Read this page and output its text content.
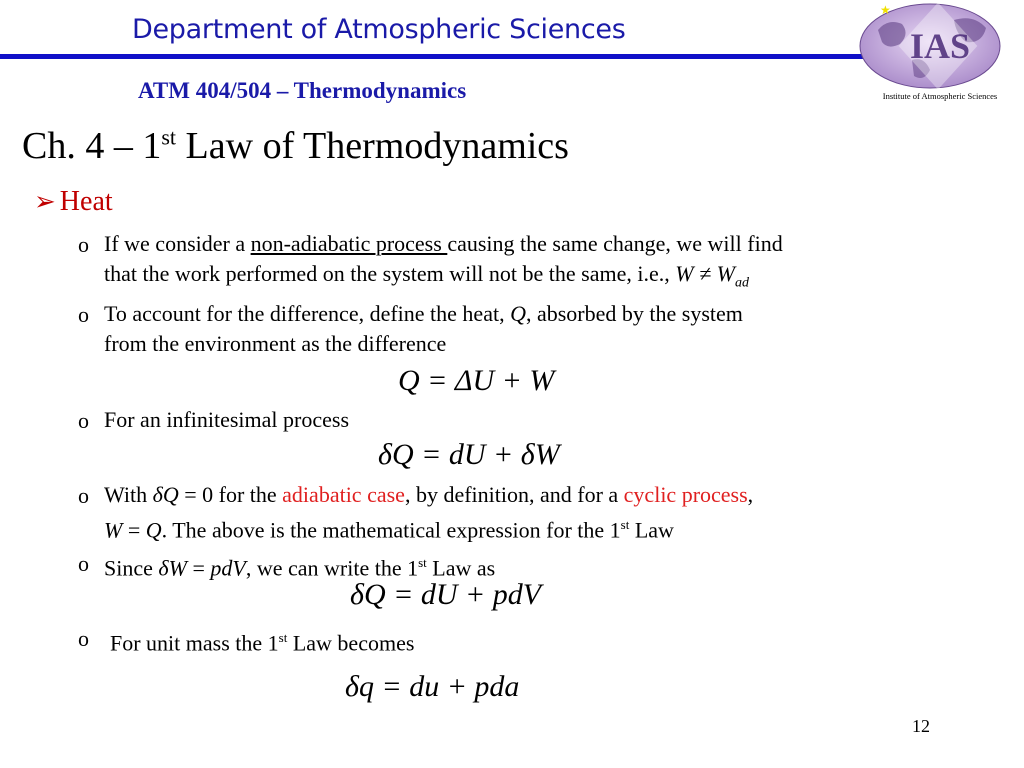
Department of Atmospheric Sciences	IAS
★
Institute of Atmospheric Sciences
ATM 404/504 – Thermodynamics
Ch. 4 – 1st Law of Thermodynamics
➢ Heat
o If we consider a non-adiabatic process causing the same change, we will find
that the work performed on the system will not be the same, i.e., $W \ne W_{ad}$
o To account for the difference, define the heat, Q, absorbed by the system
from the environment as the difference
Q = ΔU + W
o For an infinitesimal process
δQ = dU + δW
o With δQ = 0 for the adiabatic case, by definition, and for a cyclic process,
W = Q. The above is the mathematical expression for the 1st Law
o Since δW = pdV, we can write the 1st Law as
δQ = dU + pdV
o For unit mass the 1st Law becomes
δq = du + pda
12
